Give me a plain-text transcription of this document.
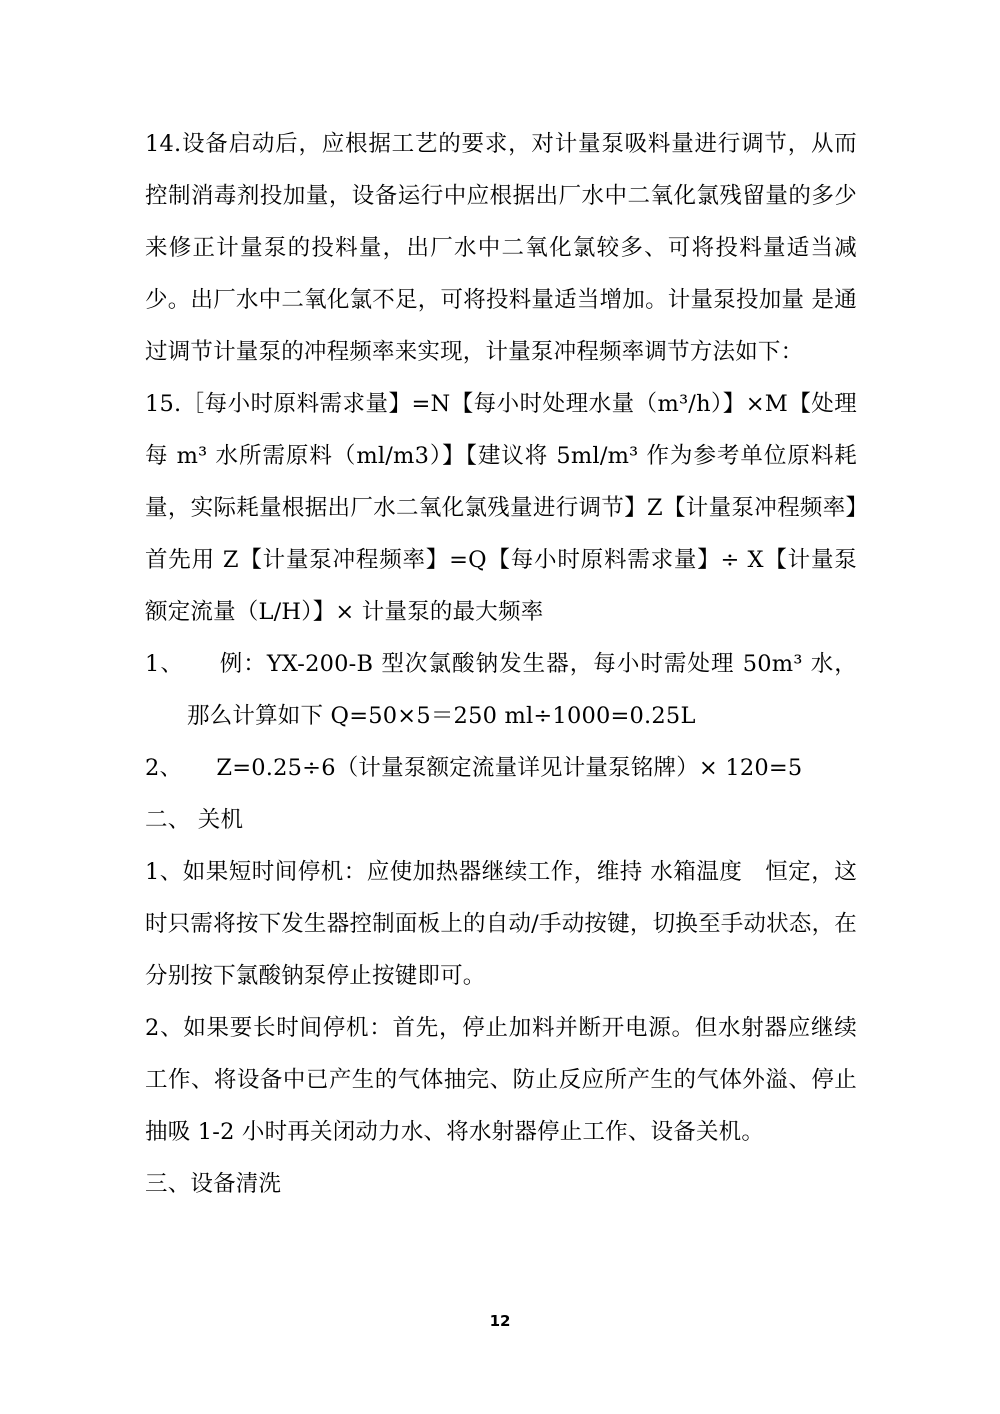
14.设备启动后，应根据工艺的要求，对计量泵吸料量进行调节，从而控制消毒剂投加量，设备运行中应根据出厂水中二氧化氯残留量的多少来修正计量泵的投料量，出厂水中二氧化氯较多、可将投料量适当减少。出厂水中二氧化氯不足，可将投料量适当增加。计量泵投加量 是通过调节计量泵的冲程频率来实现，计量泵冲程频率调节方法如下：

15.［每小时原料需求量】=N【每小时处理水量（m³/h）】×M【处理每 m³ 水所需原料（ml/m3）】【建议将 5ml/m³ 作为参考单位原料耗量，实际耗量根据出厂水二氧化氯残量进行调节】Z【计量泵冲程频率】首先用 Z【计量泵冲程频率】=Q【每小时原料需求量】÷ X【计量泵额定流量（L/H）】× 计量泵的最大频率

1、　　例：YX-200-B 型次氯酸钠发生器，每小时需处理 50m³ 水，那么计算如下 Q=50×5＝250 ml÷1000=0.25L

2、　　Z=0.25÷6（计量泵额定流量详见计量泵铭牌）× 120=5

二、 关机

1、如果短时间停机：应使加热器继续工作，维持 水箱温度　恒定，这时只需将按下发生器控制面板上的自动/手动按键，切换至手动状态，在分别按下氯酸钠泵停止按键即可。

2、如果要长时间停机：首先，停止加料并断开电源。但水射器应继续工作、将设备中已产生的气体抽完、防止反应所产生的气体外溢、停止抽吸 1-2 小时再关闭动力水、将水射器停止工作、设备关机。

三、设备清洗

12
